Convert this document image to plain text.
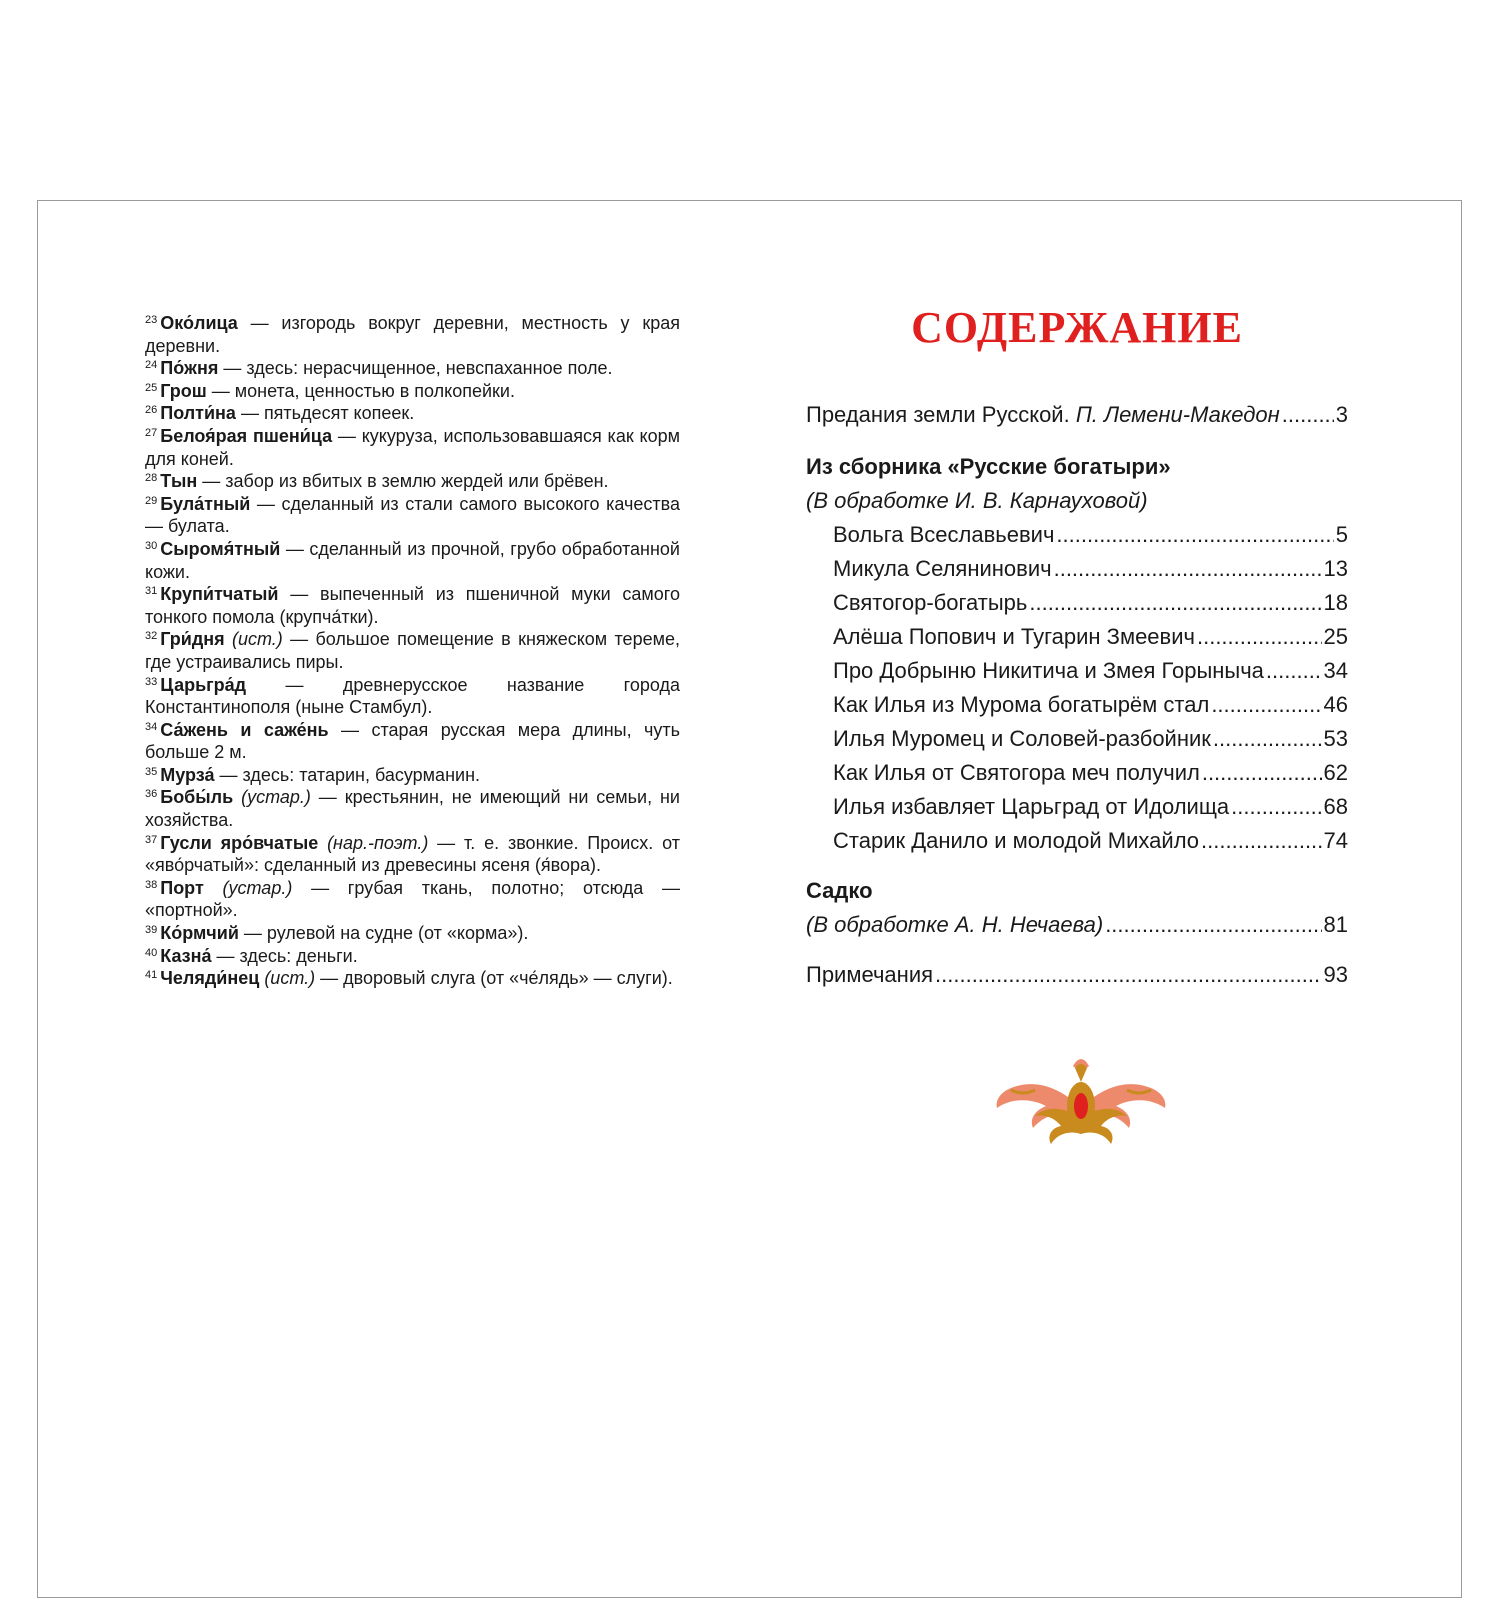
$^{23}$ Око́лица — изгородь вокруг деревни, местность у края деревни.

$^{24}$ По́жня — здесь: нерасчищенное, невспаханное поле.

$^{25}$ Грош — монета, ценностью в полкопейки.

$^{26}$ Полти́на — пятьдесят копеек.

$^{27}$ Белоя́рая пшени́ца — кукуруза, использовавшаяся как корм для коней.

$^{28}$ Тын — забор из вбитых в землю жердей или брёвен.

$^{29}$ Була́тный — сделанный из стали самого высокого качества — булата.

$^{30}$ Сыромя́тный — сделанный из прочной, грубо обработанной кожи.

$^{31}$ Крупи́тчатый — выпеченный из пшеничной муки самого тонкого помола (крупча́тки).

$^{32}$ Гри́дня (ист.) — большое помещение в княжеском тереме, где устраивались пиры.

$^{33}$ Царьгра́д — древнерусское название города Константинополя (ныне Стамбул).

$^{34}$ Са́жень и саже́нь — старая русская мера длины, чуть больше 2 м.

$^{35}$ Мурза́ — здесь: татарин, басурманин.

$^{36}$ Бобы́ль (устар.) — крестьянин, не имеющий ни семьи, ни хозяйства.

$^{37}$ Гусли яро́вчатые (нар.-поэт.) — т. е. звонкие. Происх. от «яво́рчатый»: сделанный из древесины ясеня (я́вора).

$^{38}$ Порт (устар.) — грубая ткань, полотно; отсюда — «портной».

$^{39}$ Ко́рмчий — рулевой на судне (от «корма»).

$^{40}$ Казна́ — здесь: деньги.

$^{41}$ Челяди́нец (ист.) — дворовый слуга (от «че́лядь» — слуги).

СОДЕРЖАНИЕ
Предания земли Русской. П. Лемени-Македон .....	3
Из сборника «Русские богатыри»
(В обработке И. В. Карнауховой)
Вольга Всеславьевич .....	5
Микула Селянинович .....	13
Святогор-богатырь .....	18
Алёша Попович и Тугарин Змеевич .....	25
Про Добрыню Никитича и Змея Горыныча .....	34
Как Илья из Мурома богатырём стал .....	46
Илья Муромец и Соловей-разбойник .....	53
Как Илья от Святогора меч получил .....	62
Илья избавляет Царьград от Идолища .....	68
Старик Данило и молодой Михайло .....	74
Садко
(В обработке А. Н. Нечаева) .....	81
Примечания .....	93
